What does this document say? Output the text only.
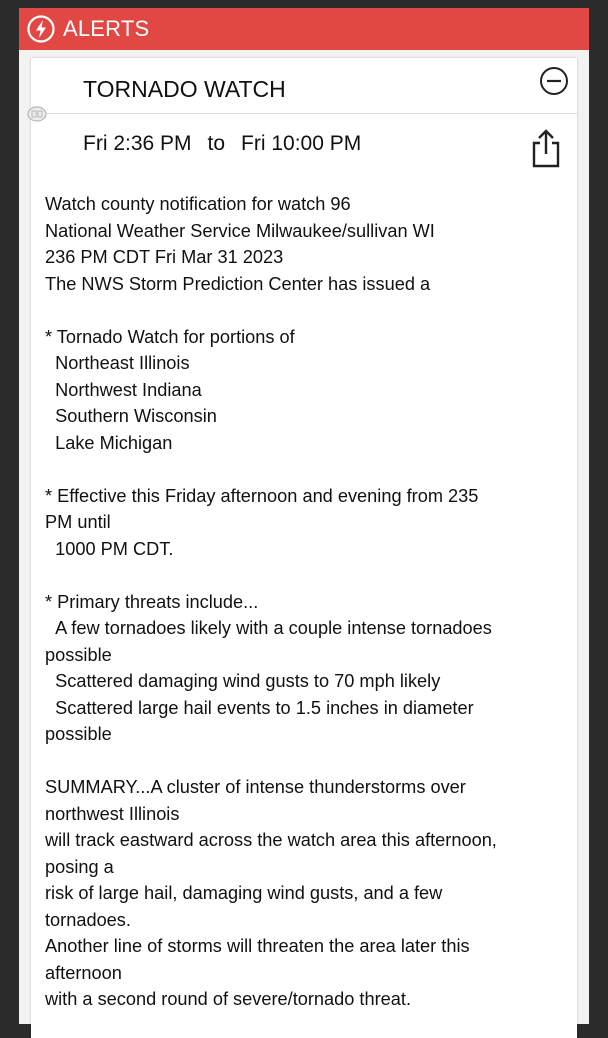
ALERTS
TORNADO WATCH
Fri 2:36 PM to Fri 10:00 PM
Watch county notification for watch 96
National Weather Service Milwaukee/sullivan WI
236 PM CDT Fri Mar 31 2023
The NWS Storm Prediction Center has issued a
* Tornado Watch for portions of
Northeast Illinois
Northwest Indiana
Southern Wisconsin
Lake Michigan
* Effective this Friday afternoon and evening from 235
PM until
1000 PM CDT.
* Primary threats include...
A few tornadoes likely with a couple intense tornadoes
possible
Scattered damaging wind gusts to 70 mph likely
Scattered large hail events to 1.5 inches in diameter
possible
SUMMARY...A cluster of intense thunderstorms over
northwest Illinois
will track eastward across the watch area this afternoon,
posing a
risk of large hail, damaging wind gusts, and a few
tornadoes.
Another line of storms will threaten the area later this
afternoon
with a second round of severe/tornado threat.
